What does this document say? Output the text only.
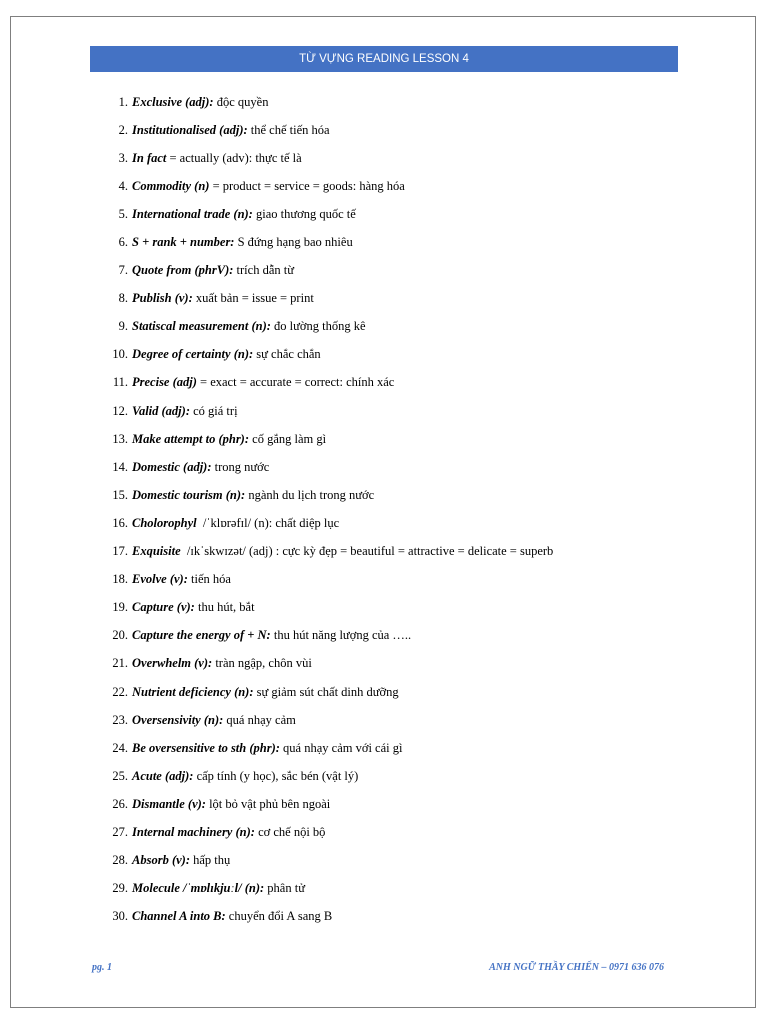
TỪ VỰNG READING LESSON 4
1. Exclusive (adj): độc quyền
2. Institutionalised (adj): thể chế tiến hóa
3. In fact = actually (adv): thực tế là
4. Commodity (n) = product = service = goods: hàng hóa
5. International trade (n): giao thương quốc tế
6. S + rank + number: S đứng hạng bao nhiêu
7. Quote from (phrV): trích dẫn từ
8. Publish (v): xuất bản = issue = print
9. Statiscal measurement (n): đo lường thống kê
10. Degree of certainty (n): sự chắc chắn
11. Precise (adj) = exact = accurate = correct: chính xác
12. Valid (adj): có giá trị
13. Make attempt to (phr): cố gắng làm gì
14. Domestic (adj): trong nước
15. Domestic tourism (n): ngành du lịch trong nước
16. Cholorophyl /ˈklɒrəfɪl/ (n): chất diệp lục
17. Exquisite /ɪkˈskwɪzət/ (adj) : cực kỳ đẹp = beautiful = attractive = delicate = superb
18. Evolve (v): tiến hóa
19. Capture (v): thu hút, bắt
20. Capture the energy of + N: thu hút năng lượng của …..
21. Overwhelm (v): tràn ngập, chôn vùi
22. Nutrient deficiency (n): sự giảm sút chất dinh dưỡng
23. Oversensivity (n): quá nhạy cảm
24. Be oversensitive to sth (phr): quá nhạy cảm với cái gì
25. Acute (adj): cấp tính (y học), sắc bén (vật lý)
26. Dismantle (v): lột bỏ vật phủ bên ngoài
27. Internal machinery (n): cơ chế nội bộ
28. Absorb (v): hấp thụ
29. Molecule /ˈmɒlɪkjuːl/ (n): phân tử
30. Channel A into B: chuyển đổi A sang B
pg. 1	ANH NGỮ THẦY CHIẾN – 0971 636 076
